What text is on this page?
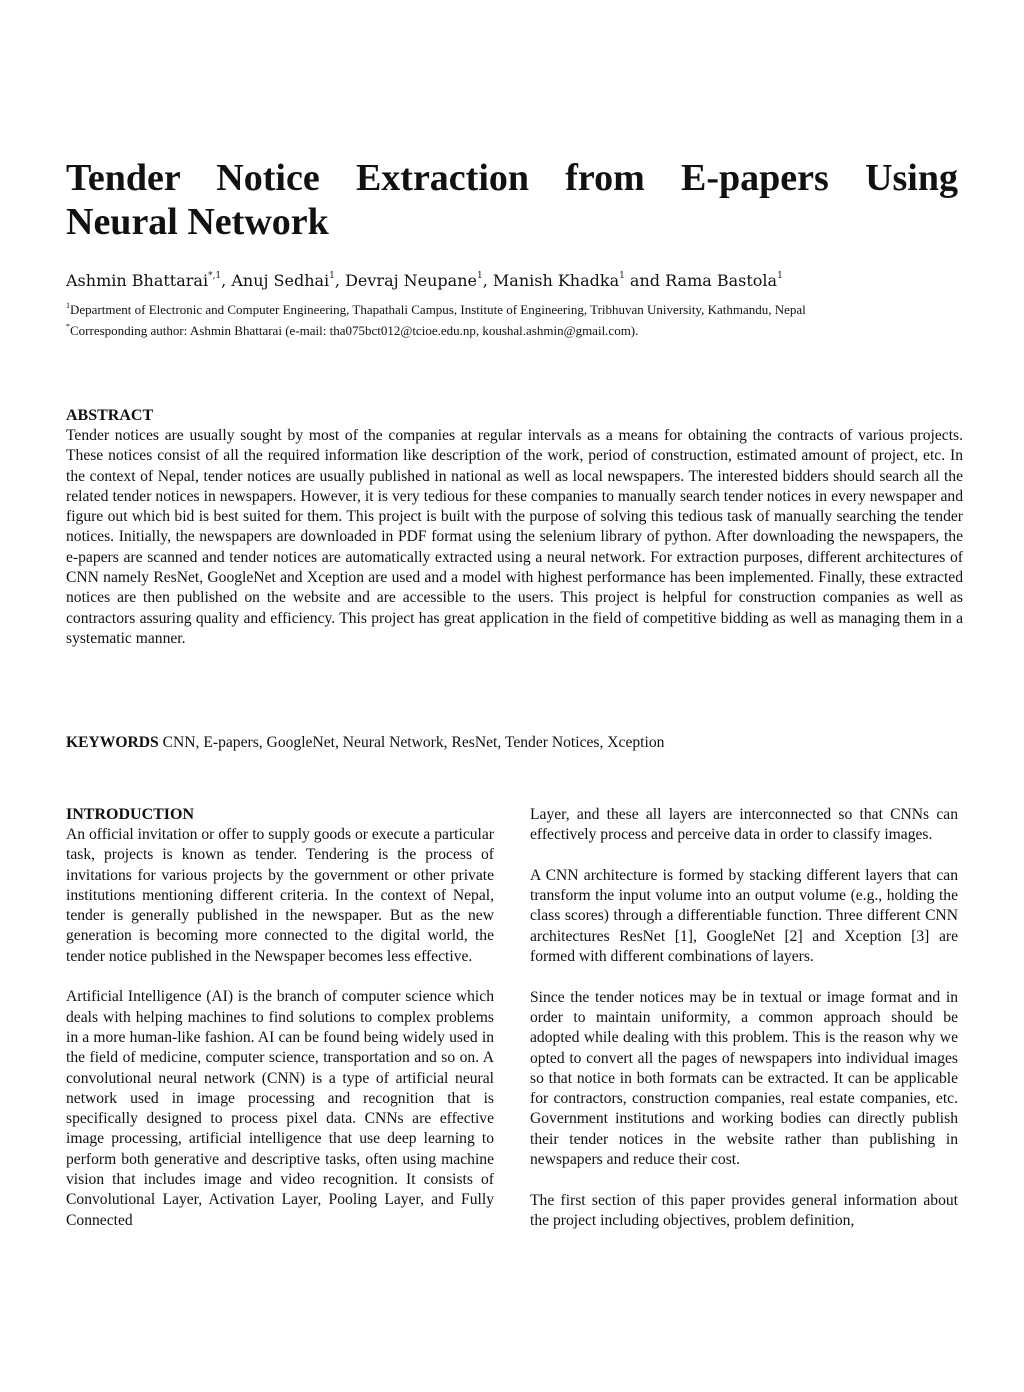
Tender Notice Extraction from E-papers Using
Neural Network

Ashmin Bhattarai$^{*,1}$, Anuj Sedhai$^1$, Devraj Neupane$^1$, Manish Khadka$^1$ and Rama Bastola$^1$

$^1$Department of Electronic and Computer Engineering, Thapathali Campus, Institute of Engineering, Tribhuvan University, Kathmandu, Nepal

*Corresponding author: Ashmin Bhattarai (e-mail: tha075bct012@tcioe.edu.np, koushal.ashmin@gmail.com).

ABSTRACT

Tender notices are usually sought by most of the companies at regular intervals as a means for obtaining the contracts of various projects. These notices consist of all the required information like description of the work, period of construction, estimated amount of project, etc. In the context of Nepal, tender notices are usually published in national as well as local newspapers. The interested bidders should search all the related tender notices in newspapers. However, it is very tedious for these companies to manually search tender notices in every newspaper and figure out which bid is best suited for them. This project is built with the purpose of solving this tedious task of manually searching the tender notices. Initially, the newspapers are downloaded in PDF format using the selenium library of python. After downloading the newspapers, the e-papers are scanned and tender notices are automatically extracted using a neural network. For extraction purposes, different architectures of CNN namely ResNet, GoogleNet and Xception are used and a model with highest performance has been implemented. Finally, these extracted notices are then published on the website and are accessible to the users. This project is helpful for construction companies as well as contractors assuring quality and efficiency. This project has great application in the field of competitive bidding as well as managing them in a systematic manner.

KEYWORDS CNN, E-papers, GoogleNet, Neural Network, ResNet, Tender Notices, Xception

INTRODUCTION

An official invitation or offer to supply goods or execute a particular task, projects is known as tender. Tendering is the process of invitations for various projects by the government or other private institutions mentioning different criteria. In the context of Nepal, tender is generally published in the newspaper. But as the new generation is becoming more connected to the digital world, the tender notice published in the Newspaper becomes less effective.

Artificial Intelligence (AI) is the branch of computer science which deals with helping machines to find solutions to complex problems in a more human-like fashion. AI can be found being widely used in the field of medicine, computer science, transportation and so on. A convolutional neural network (CNN) is a type of artificial neural network used in image processing and recognition that is specifically designed to process pixel data. CNNs are effective image processing, artificial intelligence that use deep learning to perform both generative and descriptive tasks, often using machine vision that includes image and video recognition. It consists of Convolutional Layer, Activation Layer, Pooling Layer, and Fully Connected

Layer, and these all layers are interconnected so that CNNs can effectively process and perceive data in order to classify images.

A CNN architecture is formed by stacking different layers that can transform the input volume into an output volume (e.g., holding the class scores) through a differentiable function. Three different CNN architectures ResNet [1], GoogleNet [2] and Xception [3] are formed with different combinations of layers.

Since the tender notices may be in textual or image format and in order to maintain uniformity, a common approach should be adopted while dealing with this problem. This is the reason why we opted to convert all the pages of newspapers into individual images so that notice in both formats can be extracted. It can be applicable for contractors, construction companies, real estate companies, etc. Government institutions and working bodies can directly publish their tender notices in the website rather than publishing in newspapers and reduce their cost.

The first section of this paper provides general information about the project including objectives, problem definition,
